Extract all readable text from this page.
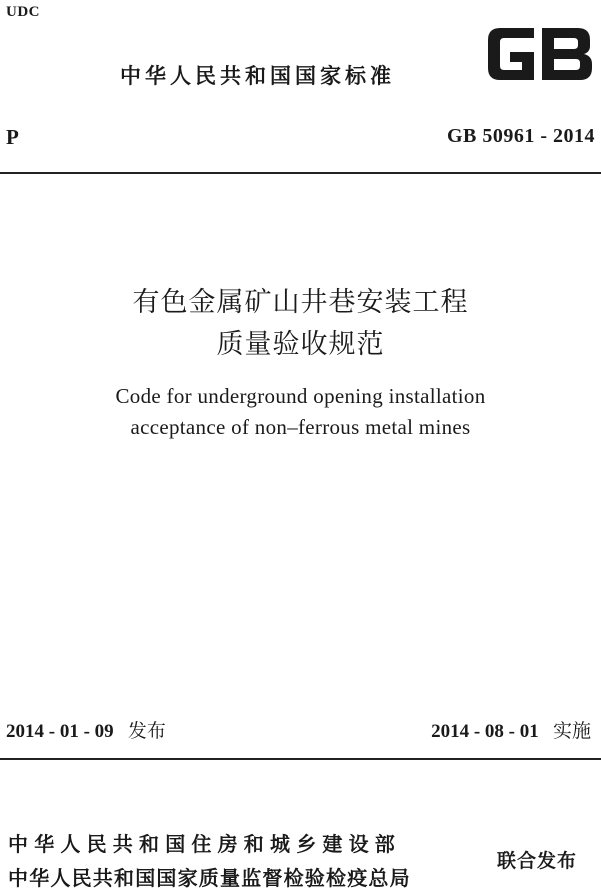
UDC
中华人民共和国国家标准
P	GB 50961 - 2014
有色金属矿山井巷安装工程
质量验收规范
Code for underground opening installation
acceptance of non–ferrous metal mines
2014 - 01 - 09 发布	2014 - 08 - 01 实施
中华人民共和国住房和城乡建设部
中华人民共和国国家质量监督检验检疫总局
联合发布
